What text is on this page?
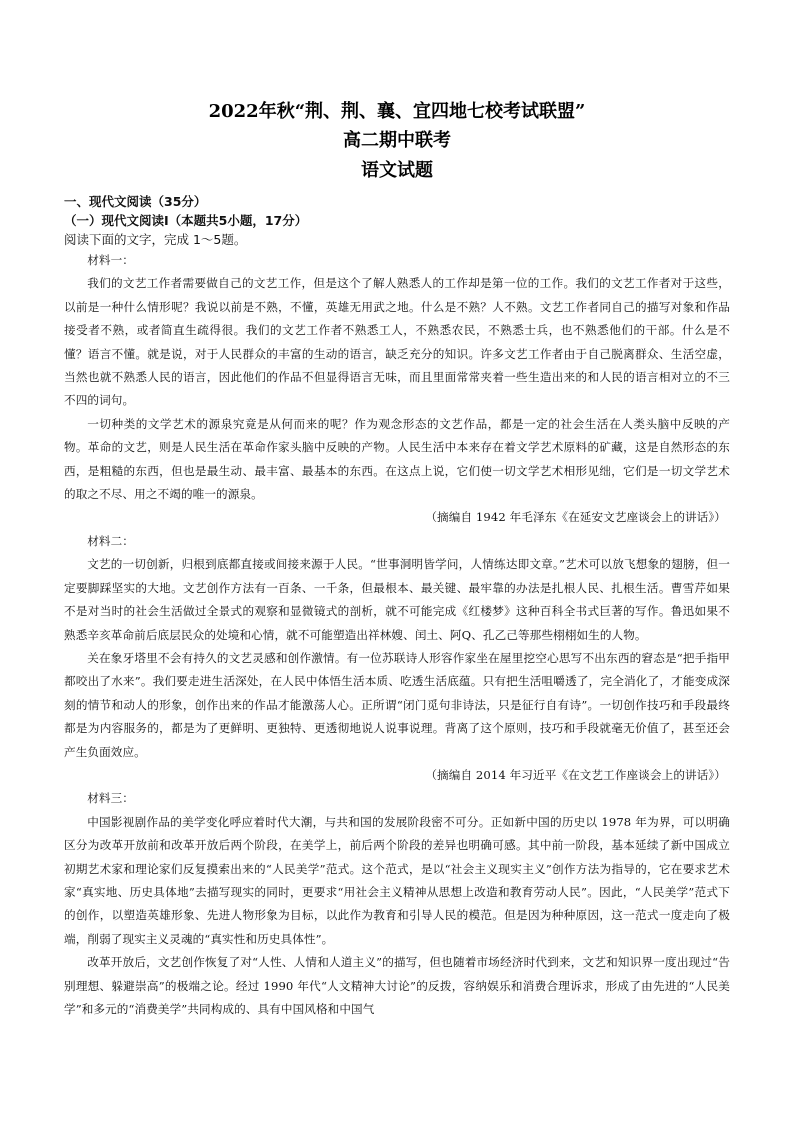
2022年秋“荆、荆、襄、宜四地七校考试联盟”
高二期中联考
语文试题
一、现代文阅读（35分）
（一）现代文阅读Ⅰ（本题共5小题，17分）
阅读下面的文字，完成 1～5题。

材料一：

我们的文艺工作者需要做自己的文艺工作，但是这个了解人熟悉人的工作却是第一位的工作。我们的文艺工作者对于这些，以前是一种什么情形呢？我说以前是不熟，不懂，英雄无用武之地。什么是不熟？人不熟。文艺工作者同自己的描写对象和作品接受者不熟，或者简直生疏得很。我们的文艺工作者不熟悉工人，不熟悉农民，不熟悉士兵，也不熟悉他们的干部。什么是不懂？语言不懂。就是说，对于人民群众的丰富的生动的语言，缺乏充分的知识。许多文艺工作者由于自己脱离群众、生活空虚，当然也就不熟悉人民的语言，因此他们的作品不但显得语言无味，而且里面常常夹着一些生造出来的和人民的语言相对立的不三不四的词句。

一切种类的文学艺术的源泉究竟是从何而来的呢？作为观念形态的文艺作品，都是一定的社会生活在人类头脑中反映的产物。革命的文艺，则是人民生活在革命作家头脑中反映的产物。人民生活中本来存在着文学艺术原料的矿藏，这是自然形态的东西，是粗糙的东西，但也是最生动、最丰富、最基本的东西。在这点上说，它们使一切文学艺术相形见绌，它们是一切文学艺术的取之不尽、用之不竭的唯一的源泉。

（摘编自 1942 年毛泽东《在延安文艺座谈会上的讲话》）

材料二：

文艺的一切创新，归根到底都直接或间接来源于人民。“世事洞明皆学问，人情练达即文章。”艺术可以放飞想象的翅膀，但一定要脚踩坚实的大地。文艺创作方法有一百条、一千条，但最根本、最关键、最牢靠的办法是扎根人民、扎根生活。曹雪芹如果不是对当时的社会生活做过全景式的观察和显微镜式的剖析，就不可能完成《红楼梦》这种百科全书式巨著的写作。鲁迅如果不熟悉辛亥革命前后底层民众的处境和心情，就不可能塑造出祥林嫂、闰土、阿Q、孔乙己等那些栩栩如生的人物。

关在象牙塔里不会有持久的文艺灵感和创作激情。有一位苏联诗人形容作家坐在屋里挖空心思写不出东西的窘态是“把手指甲都咬出了水来”。我们要走进生活深处，在人民中体悟生活本质、吃透生活底蕴。只有把生活咀嚼透了，完全消化了，才能变成深刻的情节和动人的形象，创作出来的作品才能激荡人心。正所谓“闭门觅句非诗法，只是征行自有诗”。一切创作技巧和手段最终都是为内容服务的，都是为了更鲜明、更独特、更透彻地说人说事说理。背离了这个原则，技巧和手段就毫无价值了，甚至还会产生负面效应。

（摘编自 2014 年习近平《在文艺工作座谈会上的讲话》）

材料三：

中国影视剧作品的美学变化呼应着时代大潮，与共和国的发展阶段密不可分。正如新中国的历史以 1978 年为界，可以明确区分为改革开放前和改革开放后两个阶段，在美学上，前后两个阶段的差异也明确可感。其中前一阶段，基本延续了新中国成立初期艺术家和理论家们反复摸索出来的“人民美学”范式。这个范式，是以“社会主义现实主义”创作方法为指导的，它在要求艺术家“真实地、历史具体地”去描写现实的同时，更要求“用社会主义精神从思想上改造和教育劳动人民”。因此，“人民美学”范式下的创作，以塑造英雄形象、先进人物形象为目标，以此作为教育和引导人民的模范。但是因为种种原因，这一范式一度走向了极端，削弱了现实主义灵魂的“真实性和历史具体性”。

改革开放后，文艺创作恢复了对“人性、人情和人道主义”的描写，但也随着市场经济时代到来，文艺和知识界一度出现过“告别理想、躲避崇高”的极端之论。经过 1990 年代“人文精神大讨论”的反拨，容纳娱乐和消费合理诉求，形成了由先进的“人民美学”和多元的“消费美学”共同构成的、具有中国风格和中国气
